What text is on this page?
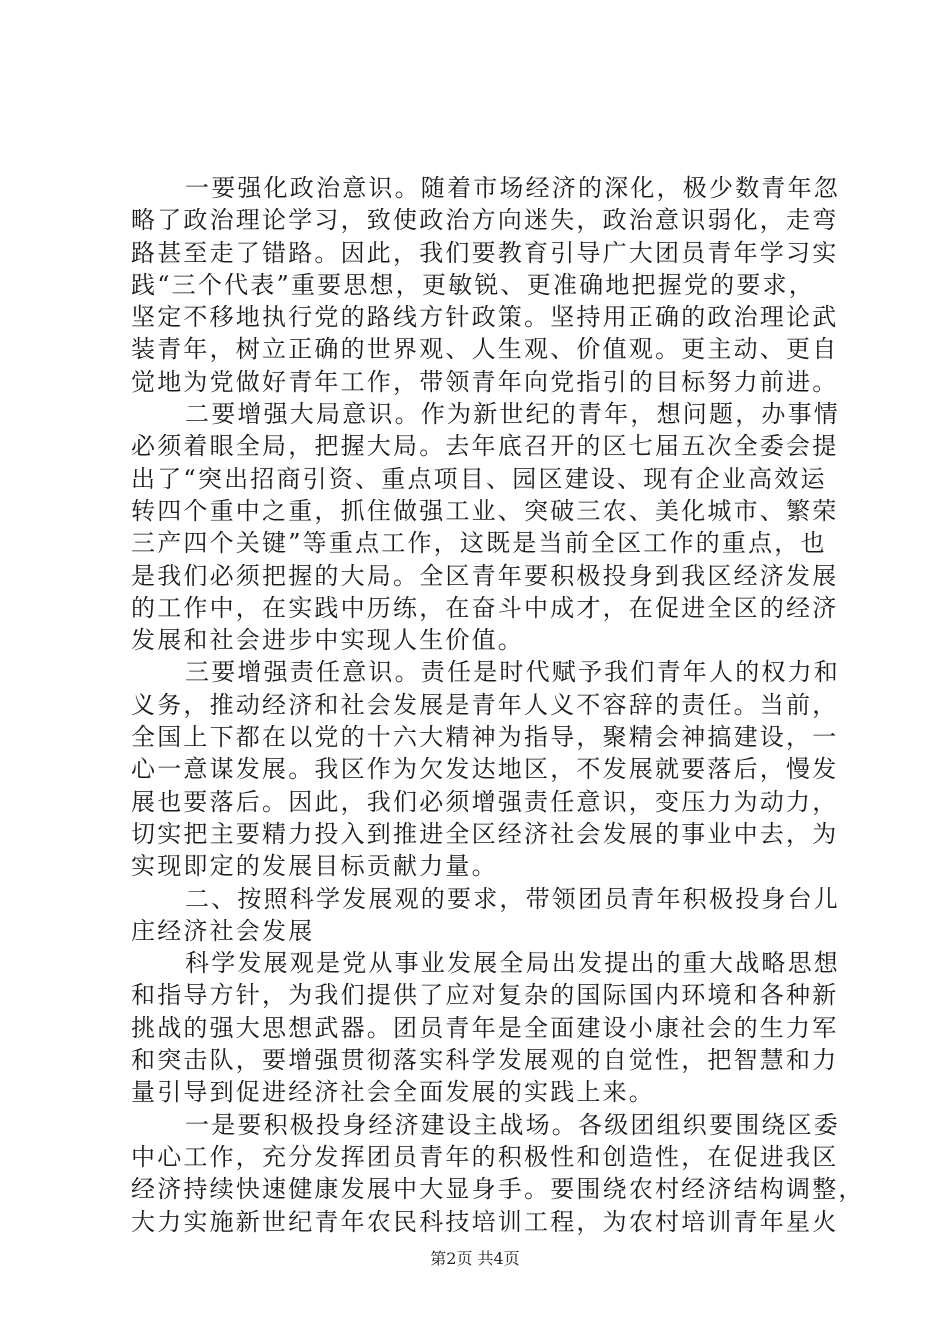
一要强化政治意识。随着市场经济的深化，极少数青年忽
略了政治理论学习，致使政治方向迷失，政治意识弱化，走弯
路甚至走了错路。因此，我们要教育引导广大团员青年学习实
践“三个代表”重要思想，更敏锐、更准确地把握党的要求，
坚定不移地执行党的路线方针政策。坚持用正确的政治理论武
装青年，树立正确的世界观、人生观、价值观。更主动、更自
觉地为党做好青年工作，带领青年向党指引的目标努力前进。
二要增强大局意识。作为新世纪的青年，想问题，办事情
必须着眼全局，把握大局。去年底召开的区七届五次全委会提
出了“突出招商引资、重点项目、园区建设、现有企业高效运
转四个重中之重，抓住做强工业、突破三农、美化城市、繁荣
三产四个关键”等重点工作，这既是当前全区工作的重点，也
是我们必须把握的大局。全区青年要积极投身到我区经济发展
的工作中，在实践中历练，在奋斗中成才，在促进全区的经济
发展和社会进步中实现人生价值。
三要增强责任意识。责任是时代赋予我们青年人的权力和
义务，推动经济和社会发展是青年人义不容辞的责任。当前，
全国上下都在以党的十六大精神为指导，聚精会神搞建设，一
心一意谋发展。我区作为欠发达地区，不发展就要落后，慢发
展也要落后。因此，我们必须增强责任意识，变压力为动力，
切实把主要精力投入到推进全区经济社会发展的事业中去，为
实现即定的发展目标贡献力量。
二、按照科学发展观的要求，带领团员青年积极投身台儿
庄经济社会发展
科学发展观是党从事业发展全局出发提出的重大战略思想
和指导方针，为我们提供了应对复杂的国际国内环境和各种新
挑战的强大思想武器。团员青年是全面建设小康社会的生力军
和突击队，要增强贯彻落实科学发展观的自觉性，把智慧和力
量引导到促进经济社会全面发展的实践上来。
一是要积极投身经济建设主战场。各级团组织要围绕区委
中心工作，充分发挥团员青年的积极性和创造性，在促进我区
经济持续快速健康发展中大显身手。要围绕农村经济结构调整，
大力实施新世纪青年农民科技培训工程，为农村培训青年星火
第2页 共4页
